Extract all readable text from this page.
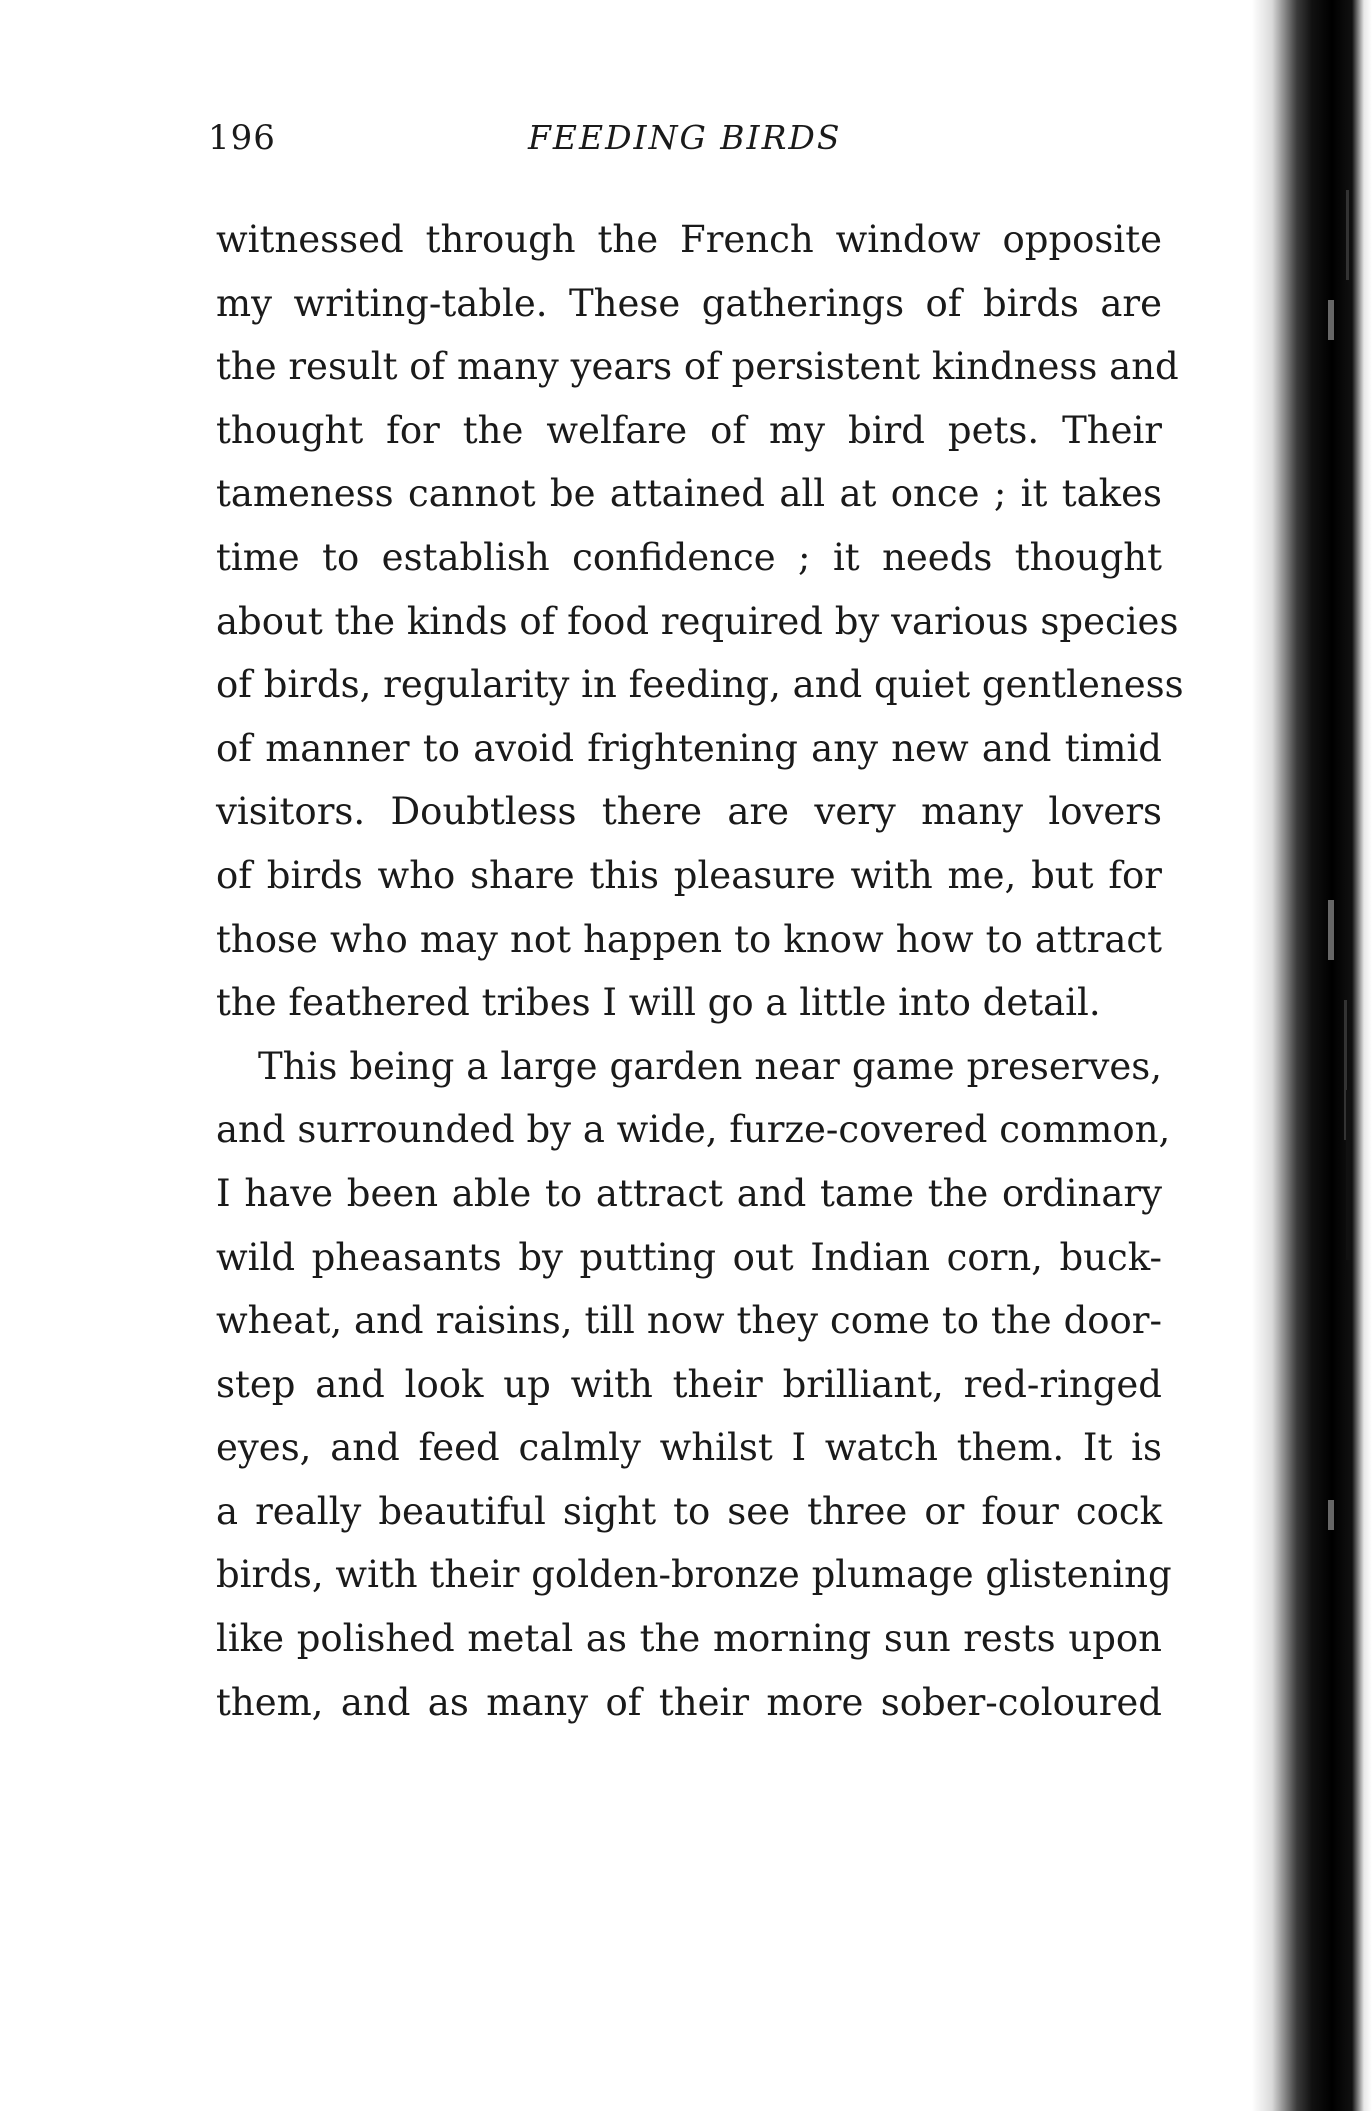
196	FEEDING BIRDS
witnessed through the French window opposite
my writing-table. These gatherings of birds are
the result of many years of persistent kindness and
thought for the welfare of my bird pets. Their
tameness cannot be attained all at once ; it takes
time to establish confidence ; it needs thought
about the kinds of food required by various species
of birds, regularity in feeding, and quiet gentleness
of manner to avoid frightening any new and timid
visitors. Doubtless there are very many lovers
of birds who share this pleasure with me, but for
those who may not happen to know how to attract
the feathered tribes I will go a little into detail.
This being a large garden near game preserves,
and surrounded by a wide, furze-covered common,
I have been able to attract and tame the ordinary
wild pheasants by putting out Indian corn, buck-
wheat, and raisins, till now they come to the door-
step and look up with their brilliant, red-ringed
eyes, and feed calmly whilst I watch them. It is
a really beautiful sight to see three or four cock
birds, with their golden-bronze plumage glistening
like polished metal as the morning sun rests upon
them, and as many of their more sober-coloured
